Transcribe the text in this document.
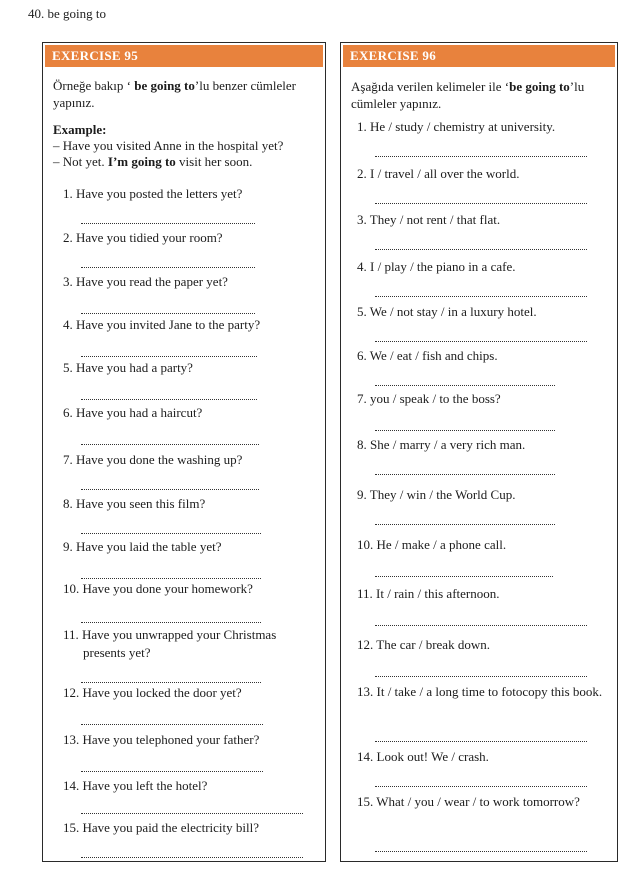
40. be going to
EXERCISE 95

Örneğe bakıp ‘ be going to’lu benzer cümleler yapınız.

Example:
– Have you visited Anne in the hospital yet?
– Not yet. I’m going to visit her soon.
1. Have you posted the letters yet?
2. Have you tidied your room?
3. Have you read the paper yet?
4. Have you invited Jane to the party?
5. Have you had a party?
6. Have you had a haircut?
7. Have you done the washing up?
8. Have you seen this film?
9. Have you laid the table yet?
10. Have you done your homework?
11. Have you unwrapped your Christmas presents yet?
12. Have you locked the door yet?
13. Have you telephoned your father?
14. Have you left the hotel?
15. Have you paid the electricity bill?
EXERCISE 96

Aşağıda verilen kelimeler ile ‘be going to’lu cümleler yapınız.

1. He / study / chemistry at university.
2. I / travel / all over the world.
3. They / not rent / that flat.
4. I / play / the piano in a cafe.
5. We / not stay / in a luxury hotel.
6. We / eat / fish and chips.
7. you / speak / to the boss?
8. She / marry / a very rich man.
9. They / win / the World Cup.
10. He / make / a phone call.
11. It / rain / this afternoon.
12. The car / break down.
13. It / take / a long time to fotocopy this book.
14. Look out! We / crash.
15. What / you / wear / to work tomorrow?
